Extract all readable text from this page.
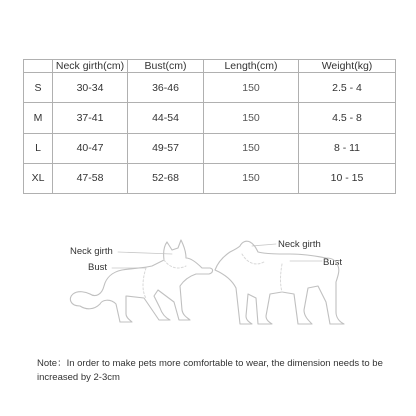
	Neck girth(cm)	Bust(cm)	Length(cm)	Weight(kg)
S	30-34	36-46	150	2.5 - 4
M	37-41	44-54	150	4.5 - 8
L	40-47	49-57	150	8 - 11
XL	47-58	52-68	150	10 - 15
Neck girth
Bust
Neck girth
Bust
Note：In order to make pets more comfortable to wear, the dimension needs to be increased by 2-3cm
